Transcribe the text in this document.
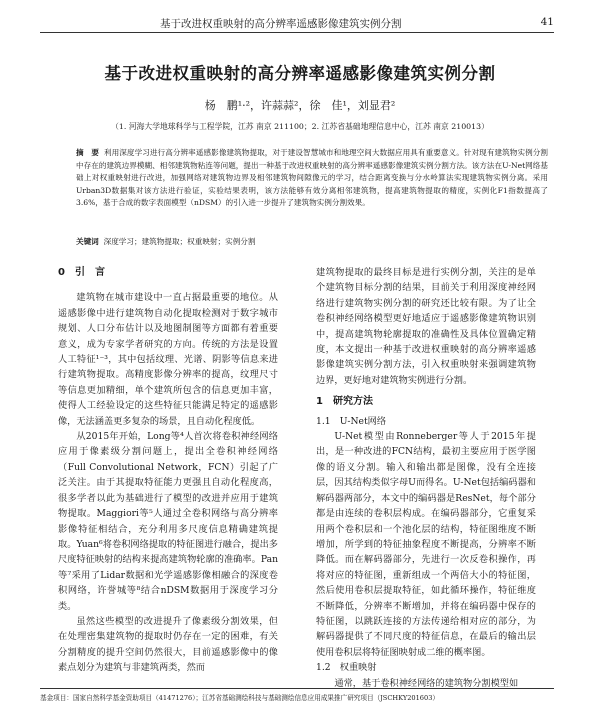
基于改进权重映射的高分辨率遥感影像建筑实例分割	41

基于改进权重映射的高分辨率遥感影像建筑实例分割
杨　鹏¹·²，许蒜蒜²，徐　佳¹，刘显君²
（1. 河海大学地球科学与工程学院，江苏 南京 211100；2. 江苏省基础地理信息中心，江苏 南京 210013）
摘　要 利用深度学习进行高分辨率遥感影像建筑物提取，对于建设智慧城市和地理空间大数据应用具有重要意义。针对现有建筑物实例分割中存在的建筑边界模糊、相邻建筑物粘连等问题，提出一种基于改进权重映射的高分辨率遥感影像建筑实例分割方法。该方法在U-Net网络基础上对权重映射进行改进，加强网络对建筑物边界及相邻建筑物间隙像元的学习，结合距离变换与分水岭算法实现建筑物实例分离。采用Urban3D数据集对该方法进行验证，实验结果表明，该方法能够有效分离相邻建筑物，提高建筑物提取的精度，实例化F1指数提高了3.6%，基于合成的数字表面模型（nDSM）的引入进一步提升了建筑物实例分割效果。
关键词 深度学习；建筑物提取；权重映射；实例分割
0　引　言

建筑物在城市建设中一直占据最重要的地位。从遥感影像中进行建筑物自动化提取检测对于数字城市规划、人口分布估计以及地图制图等方面都有着重要意义，成为专家学者研究的方向。传统的方法是设置人工特征¹⁻³，其中包括纹理、光谱、阴影等信息来进行建筑物提取。高精度影像分辨率的提高，纹理尺寸等信息更加精细，单个建筑所包含的信息更加丰富，使得人工经验设定的这些特征只能满足特定的遥感影像，无法涵盖更多复杂的场景，且自动化程度低。

从2015年开始，Long等⁴人首次将卷积神经网络应用于像素级分割问题上，提出全卷积神经网络（Full Convolutional Network，FCN）引起了广泛关注。由于其提取特征能力更强且自动化程度高，很多学者以此为基础进行了模型的改进并应用于建筑物提取。Maggiori等⁵人通过全卷积网络与高分辨率影像特征相结合，充分利用多尺度信息精确建筑提取。Yuan⁶将卷积网络提取的特征图进行融合，提出多尺度特征映射的结构来提高建筑物轮廓的准确率。Pan等⁷采用了Lidar数据和光学遥感影像相融合的深度卷积网络，许誉城等⁸结合nDSM数据用于深度学习分类。

虽然这些模型的改进提升了像素级分割效果，但在处理密集建筑物的提取时仍存在一定的困难，有关分割精度的提升空间仍然很大，目前遥感影像中的像素点划分为建筑与非建筑两类，然而

建筑物提取的最终目标是进行实例分割，关注的是单个建筑物目标分割的结果，目前关于利用深度神经网络进行建筑物实例分割的研究还比较有限。为了让全卷积神经网络模型更好地适应于遥感影像建筑物识别中，提高建筑物轮廓提取的准确性及具体位置确定精度，本文提出一种基于改进权重映射的高分辨率遥感影像建筑实例分割方法，引入权重映射来强调建筑物边界，更好地对建筑物实例进行分割。

1　研究方法
1.1　U-Net网络

U-Net模型由Ronneberger等人于2015年提出，是一种改进的FCN结构，最初主要应用于医学图像的语义分割。输入和输出都是图像，没有全连接层，因其结构类似字母U而得名。U-Net包括编码器和解码器两部分，本文中的编码器是ResNet，每个部分都是由连续的卷积层构成。在编码器部分，它重复采用两个卷积层和一个池化层的结构，特征图维度不断增加，所学到的特征抽象程度不断提高，分辨率不断降低。而在解码器部分，先进行一次反卷积操作，再将对应的特征图，重新组成一个两倍大小的特征图，然后使用卷积层提取特征，如此循环操作，特征维度不断降低，分辨率不断增加，并将在编码器中保存的特征图，以跳跃连接的方法传递给相对应的部分，为解码器提供了不同尺度的特征信息，在最后的输出层使用卷积层将特征图映射成二维的概率图。

1.2　权重映射

通常，基于卷积神经网络的建筑物分割模型如

基金项目：国家自然科学基金资助项目（41471276）；江苏省基础测绘科技与基础测绘信息应用成果推广研究项目（JSCHKY201603）
